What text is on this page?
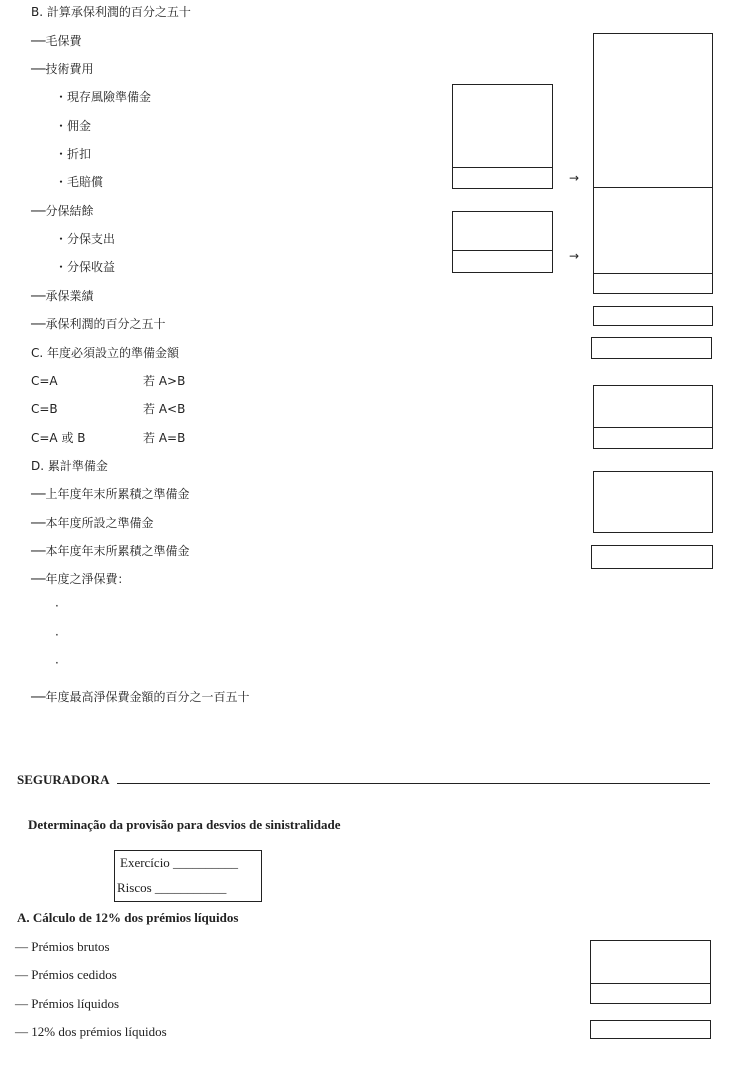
B. 計算承保利潤的百分之五十
──毛保費
──技術費用
・現存風險準備金
・佣金
・折扣
・毛賠償
──分保結餘
・分保支出
・分保收益
──承保業績
──承保利潤的百分之五十
C. 年度必須設立的準備金額
C=A	若 A>B
C=B	若 A<B
C=A 或 B	若 A=B
D. 累計準備金
──上年度年末所累積之準備金
──本年度所設之準備金
──本年度年末所累積之準備金
──年度之淨保費：
·
·
·
──年度最高淨保費金額的百分之一百五十
→
→
SEGURADORA
Determinação da provisão para desvios de sinistralidade
Exercício __________
Riscos ___________
A. Cálculo de 12% dos prémios líquidos
— Prémios brutos
— Prémios cedidos
— Prémios líquidos
— 12% dos prémios líquidos
